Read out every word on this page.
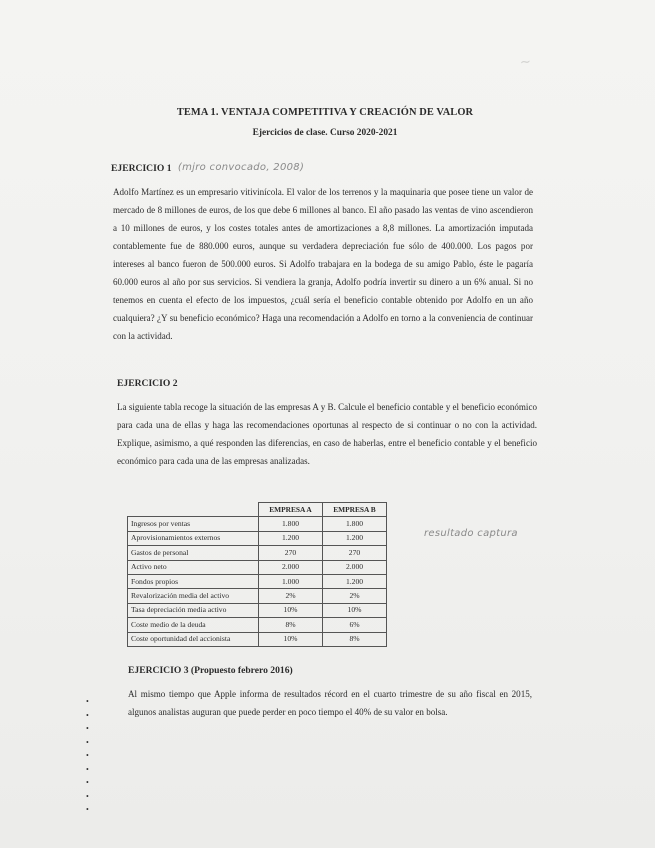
~
TEMA 1. VENTAJA COMPETITIVA Y CREACIÓN DE VALOR
Ejercicios de clase. Curso 2020-2021
EJERCICIO 1 (mjro convocado, 2008)
Adolfo Martínez es un empresario vitivinícola. El valor de los terrenos y la maquinaria que posee tiene un valor de mercado de 8 millones de euros, de los que debe 6 millones al banco. El año pasado las ventas de vino ascendieron a 10 millones de euros, y los costes totales antes de amortizaciones a 8,8 millones. La amortización imputada contablemente fue de 880.000 euros, aunque su verdadera depreciación fue sólo de 400.000. Los pagos por intereses al banco fueron de 500.000 euros. Si Adolfo trabajara en la bodega de su amigo Pablo, éste le pagaría 60.000 euros al año por sus servicios. Si vendiera la granja, Adolfo podría invertir su dinero a un 6% anual. Si no tenemos en cuenta el efecto de los impuestos, ¿cuál sería el beneficio contable obtenido por Adolfo en un año cualquiera? ¿Y su beneficio económico? Haga una recomendación a Adolfo en torno a la conveniencia de continuar con la actividad.
EJERCICIO 2
La siguiente tabla recoge la situación de las empresas A y B. Calcule el beneficio contable y el beneficio económico para cada una de ellas y haga las recomendaciones oportunas al respecto de si continuar o no con la actividad. Explique, asimismo, a qué responden las diferencias, en caso de haberlas, entre el beneficio contable y el beneficio económico para cada una de las empresas analizadas.
	EMPRESA A	EMPRESA B
Ingresos por ventas	1.800	1.800
Aprovisionamientos externos	1.200	1.200
Gastos de personal	270	270
Activo neto	2.000	2.000
Fondos propios	1.000	1.200
Revalorización media del activo	2%	2%
Tasa depreciación media activo	10%	10%
Coste medio de la deuda	8%	6%
Coste oportunidad del accionista	10%	8%
resultado captura
EJERCICIO 3 (Propuesto febrero 2016)
Al mismo tiempo que Apple informa de resultados récord en el cuarto trimestre de su año fiscal en 2015, algunos analistas auguran que puede perder en poco tiempo el 40% de su valor en bolsa.
•
•
•
•
•
•
•
•
•
